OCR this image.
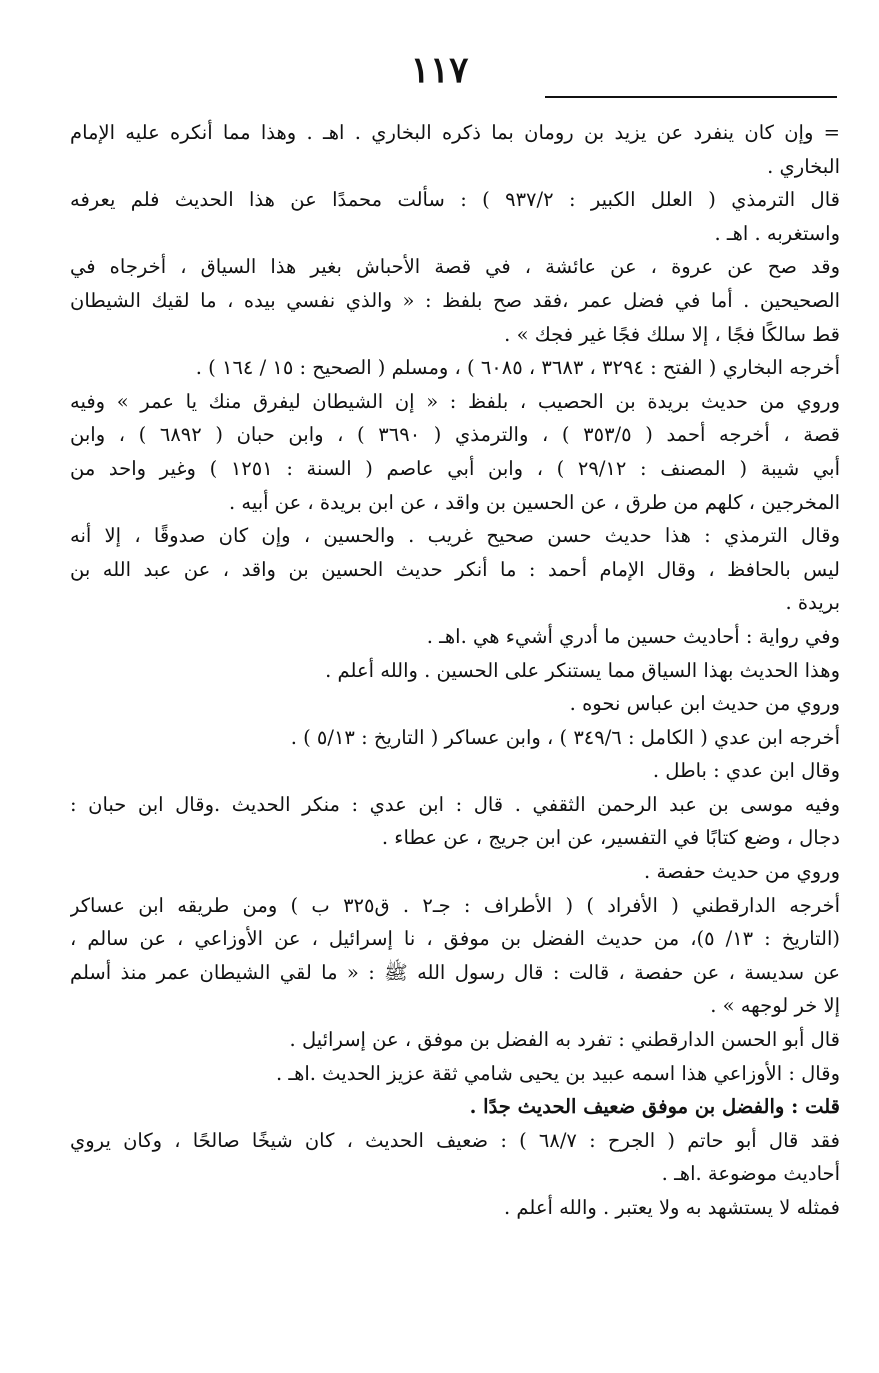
١١٧
= وإن كان ينفرد عن يزيد بن رومان بما ذكره البخاري . اهـ . وهذا مما أنكره عليه الإمام
البخاري .
قال الترمذي ( العلل الكبير : ٩٣٧/٢ ) : سألت محمدًا عن هذا الحديث فلم يعرفه
واستغربه . اهـ .
وقد صح عن عروة ، عن عائشة ، في قصة الأحباش بغير هذا السياق ، أخرجاه في
الصحيحين . أما في فضل عمر ،فقد صح بلفظ : « والذي نفسي بيده ، ما لقيك الشيطان
قط سالكًا فجًا ، إلا سلك فجًا غير فجك » .
أخرجه البخاري ( الفتح : ٣٢٩٤ ، ٣٦٨٣ ، ٦٠٨٥ ) ، ومسلم ( الصحيح : ١٥ / ١٦٤ ) .
وروي من حديث بريدة بن الحصيب ، بلفظ : « إن الشيطان ليفرق منك يا عمر » وفيه
قصة ، أخرجه أحمد ( ٣٥٣/٥ ) ، والترمذي ( ٣٦٩٠ ) ، وابن حبان ( ٦٨٩٢ ) ، وابن
أبي شيبة ( المصنف : ٢٩/١٢ ) ، وابن أبي عاصم ( السنة : ١٢٥١ ) وغير واحد من
المخرجين ، كلهم من طرق ، عن الحسين بن واقد ، عن ابن بريدة ، عن أبيه .
وقال الترمذي : هذا حديث حسن صحيح غريب . والحسين ، وإن كان صدوقًا ، إلا أنه
ليس بالحافظ ، وقال الإمام أحمد : ما أنكر حديث الحسين بن واقد ، عن عبد الله بن
بريدة .
وفي رواية : أحاديث حسين ما أدري أشيء هي .اهـ .
وهذا الحديث بهذا السياق مما يستنكر على الحسين . والله أعلم .
وروي من حديث ابن عباس نحوه .
أخرجه ابن عدي ( الكامل : ٣٤٩/٦ ) ، وابن عساكر ( التاريخ : ٥/١٣ ) .
وقال ابن عدي : باطل .
وفيه موسى بن عبد الرحمن الثقفي . قال : ابن عدي : منكر الحديث .وقال ابن حبان :
دجال ، وضع كتابًا في التفسير، عن ابن جريج ، عن عطاء .
وروي من حديث حفصة .
أخرجه الدارقطني ( الأفراد ) ( الأطراف : جـ٢ . ق٣٢٥ ب ) ومن طريقه ابن عساكر
(التاريخ : ١٣/ ٥)، من حديث الفضل بن موفق ، نا إسرائيل ، عن الأوزاعي ، عن سالم ،
عن سديسة ، عن حفصة ، قالت : قال رسول الله ﷺ : « ما لقي الشيطان عمر منذ أسلم
إلا خر لوجهه » .
قال أبو الحسن الدارقطني : تفرد به الفضل بن موفق ، عن إسرائيل .
وقال : الأوزاعي هذا اسمه عبيد بن يحيى شامي ثقة عزيز الحديث .اهـ .
قلت : والفضل بن موفق ضعيف الحديث جدًا .
فقد قال أبو حاتم ( الجرح : ٦٨/٧ ) : ضعيف الحديث ، كان شيخًا صالحًا ، وكان يروي
أحاديث موضوعة .اهـ .
فمثله لا يستشهد به ولا يعتبر . والله أعلم .
